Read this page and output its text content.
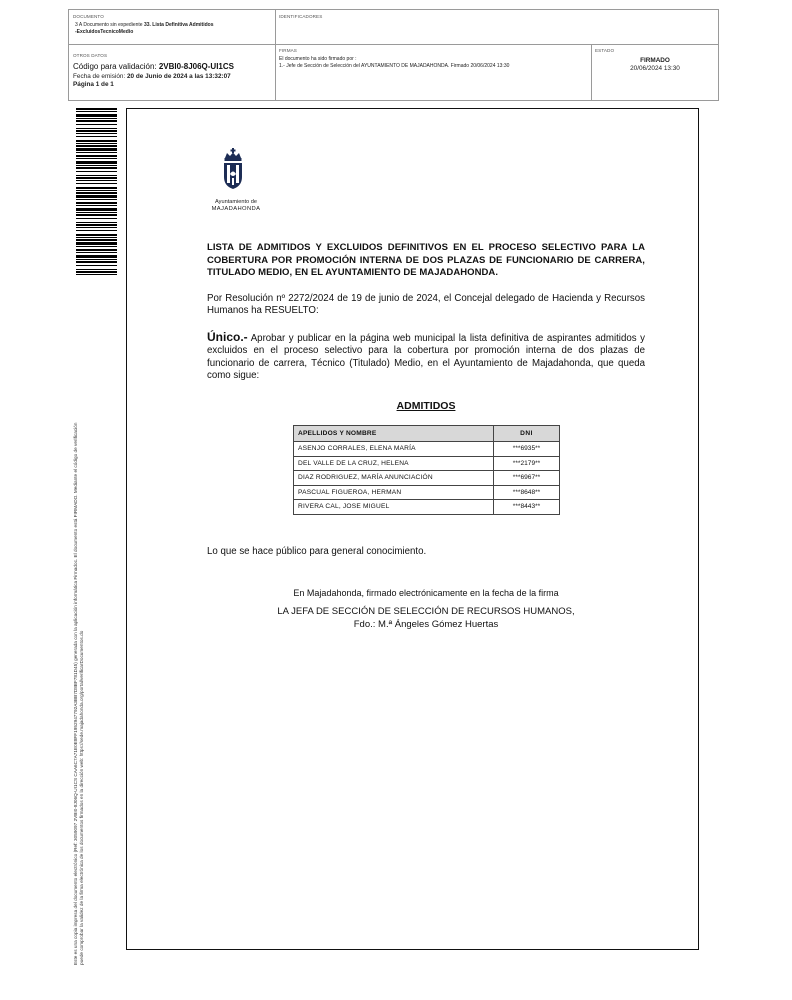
DOCUMENTO
3 A Documento sin expediente 33. Lista Definitiva Admitidos
-ExcluidosTecnicoMedio
IDENTIFICADORES
OTROS DATOS
Código para validación: 2VBI0-8J06Q-UI1CS
Fecha de emisión: 20 de Junio de 2024 a las 13:32:07
Página 1 de 1
FIRMAS
El documento ha sido firmado por :
1.- Jefe de Sección de Selección del AYUNTAMIENTO DE MAJADAHONDA. Firmado 20/06/2024 13:30
ESTADO
FIRMADO
20/06/2024 13:30
Este es una copia impresa del documento electrónico (Ref: 3059097 2VBI0-8J06Q-UI1CS CAA6C7A71E0E8FF1952947792A3BB7D8BF781D45) generada con la aplicación informática Firmadoc. El documento está FIRMADO. Mediante el código de verificación puede comprobar la validez de la firma electrónica de los documentos firmados en la dirección web: https://sede.majadahonda.org/portal/verificarDocumentos.do
Ayuntamiento de
MAJADAHONDA
LISTA DE ADMITIDOS Y EXCLUIDOS DEFINITIVOS EN EL PROCESO SELECTIVO PARA LA COBERTURA POR PROMOCIÓN INTERNA DE DOS PLAZAS DE FUNCIONARIO DE CARRERA, TITULADO MEDIO, EN EL AYUNTAMIENTO DE MAJADAHONDA.
Por Resolución nº 2272/2024 de 19 de junio de 2024, el Concejal delegado de Hacienda y Recursos Humanos ha RESUELTO:
Único.- Aprobar y publicar en la página web municipal la lista definitiva de aspirantes admitidos y excluidos en el proceso selectivo para la cobertura por promoción interna de dos plazas de funcionario de carrera, Técnico (Titulado) Medio, en el Ayuntamiento de Majadahonda, que queda como sigue:
ADMITIDOS
APELLIDOS Y NOMBRE	DNI
ASENJO CORRALES, ELENA MARÍA	***6935**
DEL VALLE DE LA CRUZ, HELENA	***2179**
DIAZ RODRIGUEZ, MARÍA ANUNCIACIÓN	***6967**
PASCUAL FIGUEROA, HERMAN	***8648**
RIVERA CAL, JOSE MIGUEL	***8443**
Lo que se hace público para general conocimiento.
En Majadahonda, firmado electrónicamente en la fecha de la firma
LA JEFA DE SECCIÓN DE SELECCIÓN DE RECURSOS HUMANOS,
Fdo.: M.ª Ángeles Gómez Huertas
